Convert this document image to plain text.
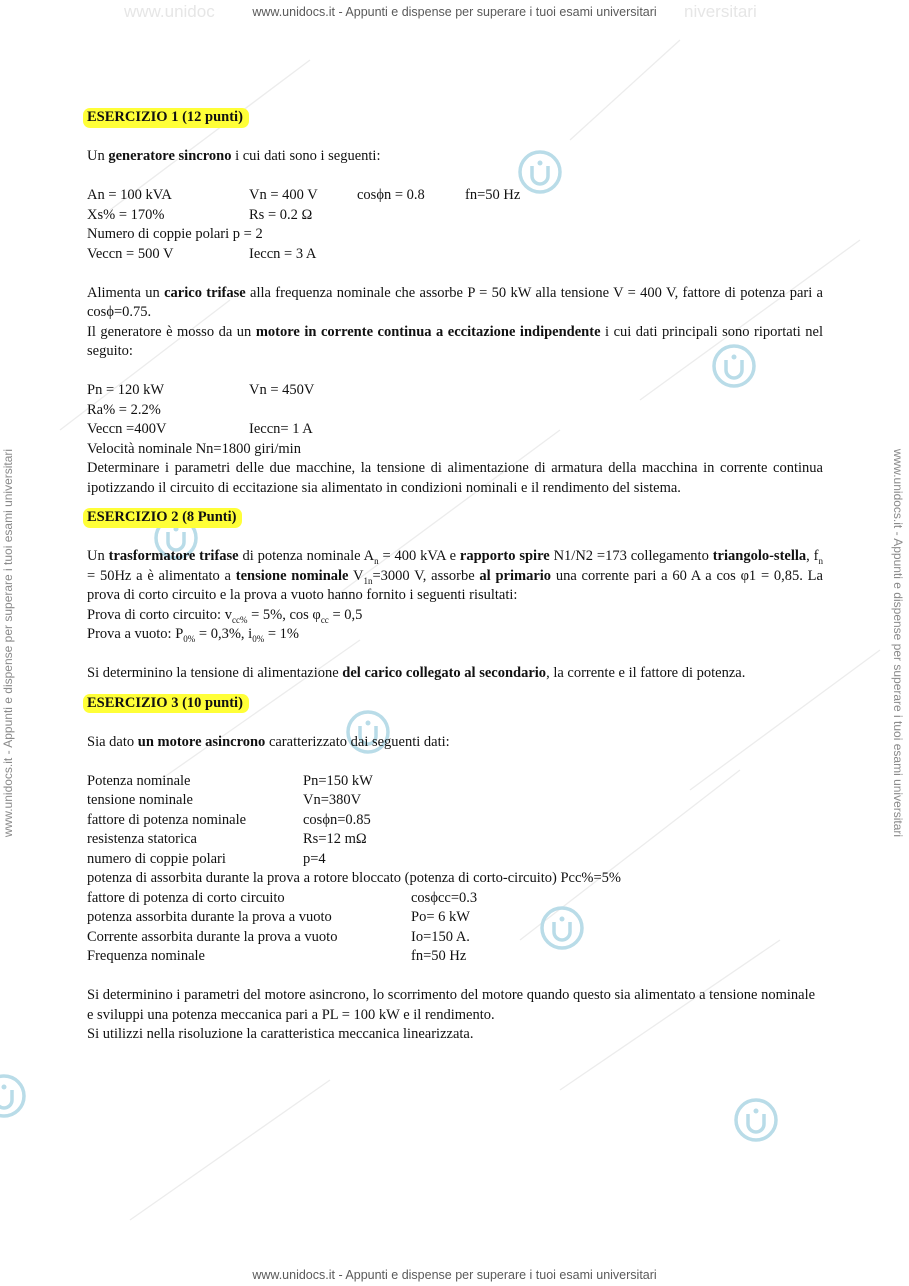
www.unidoc	niversitari
www.unidocs.it - Appunti e dispense per superare i tuoi esami universitari
www.unidocs.it - Appunti e dispense per superare i tuoi esami universitari
www.unidocs.it - Appunti e dispense per superare i tuoi esami universitari	www.unidocs.it - Appunti e dispense per superare i tuoi esami universitari

ESERCIZIO 1 (12 punti)

Un generatore sincrono i cui dati sono i seguenti:

An = 100 kVA	Vn = 400 V	cosϕn = 0.8	fn=50 Hz
Xs% = 170%	Rs = 0.2 Ω

Numero di coppie polari p = 2

Veccn = 500 V	Ieccn = 3 A

Alimenta un carico trifase alla frequenza nominale che assorbe P = 50 kW alla tensione V = 400 V, fattore di potenza pari a cosϕ=0.75.

Il generatore è mosso da un motore in corrente continua a eccitazione indipendente i cui dati principali sono riportati nel seguito:

Pn = 120 kW	Vn = 450V

Ra% = 2.2%

Veccn =400V	Ieccn= 1 A

Velocità nominale Nn=1800 giri/min

Determinare i parametri delle due macchine, la tensione di alimentazione di armatura della macchina in corrente continua ipotizzando il circuito di eccitazione sia alimentato in condizioni nominali e il rendimento del sistema.

ESERCIZIO 2 (8 Punti)

Un trasformatore trifase di potenza nominale $A_n = 400$ kVA e rapporto spire N1/N2 =173 collegamento triangolo-stella, $f_n = 50Hz$ a è alimentato a tensione nominale $V_{1n}=3000$ V, assorbe al primario una corrente pari a 60 A a cos φ1 = 0,85. La prova di corto circuito e la prova a vuoto hanno fornito i seguenti risultati:

Prova di corto circuito: $v_{cc\%} = 5\%$, $\cos \varphi_{cc} = 0,5$

Prova a vuoto: $P_{0\%} = 0,3\%$, $i_{0\%} = 1\%$

Si determinino la tensione di alimentazione del carico collegato al secondario, la corrente e il fattore di potenza.

ESERCIZIO 3 (10 punti)

Sia dato un motore asincrono caratterizzato dai seguenti dati:

Potenza nominale	Pn=150 kW
tensione nominale	Vn=380V
fattore di potenza nominale	cosϕn=0.85
resistenza statorica	Rs=12 mΩ
numero di coppie polari	p=4

potenza di assorbita durante la prova a rotore bloccato (potenza di corto-circuito) Pcc%=5%

fattore di potenza di corto circuito	cosϕcc=0.3
potenza assorbita durante la prova a vuoto	Po= 6 kW
Corrente assorbita durante la prova a vuoto	Io=150 A.
Frequenza nominale	fn=50 Hz

Si determinino i parametri del motore asincrono, lo scorrimento del motore quando questo sia alimentato a tensione nominale e sviluppi una potenza meccanica pari a PL = 100 kW e il rendimento.

Si utilizzi nella risoluzione la caratteristica meccanica linearizzata.
